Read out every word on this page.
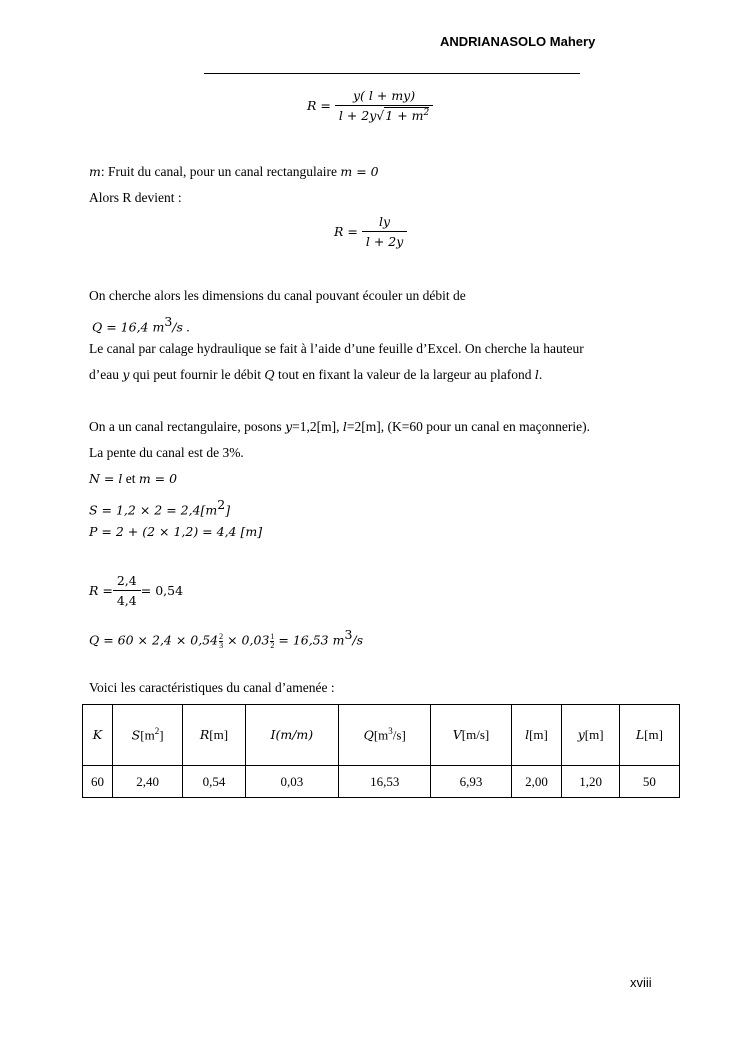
ANDRIANASOLO Mahery
R =
$\frac{y( l + my)}{l + 2y√1 + m^2}$
m: Fruit du canal, pour un canal rectangulaire m = 0
Alors R devient :
R =
$\frac{ly}{l + 2y}$
On cherche alors les dimensions du canal pouvant écouler un débit de
Q = 16,4 $m^3/s$ .
Le canal par calage hydraulique se fait à l’aide d’une feuille d’Excel. On cherche la hauteur
d’eau y qui peut fournir le débit Q tout en fixant la valeur de la largeur au plafond l.
On a un canal rectangulaire, posons y=1,2[m], l=2[m], (K=60 pour un canal en maçonnerie).
La pente du canal est de 3%.
N = l et m = 0
$S = 1,2 \times 2 = 2,4[m^2]$
P = 2 + (2 × 1,2) = 4,4 [m]
$R = \frac{2,4}{4,4} = 0,54$
$Q = 60 \times 2,4 \times 0,54 \frac{2}{3} \times 0,03 \frac{1}{2} = 16,53$ $m^3/s$
Voici les caractéristiques du canal d’amenée :
K	$S[m^2]$	R[m]	I(m/m)	$Q[m^3/s]$	V[m/s]	l[m]	y[m]	L[m]
60	2,40	0,54	0,03	16,53	6,93	2,00	1,20	50
xviii
